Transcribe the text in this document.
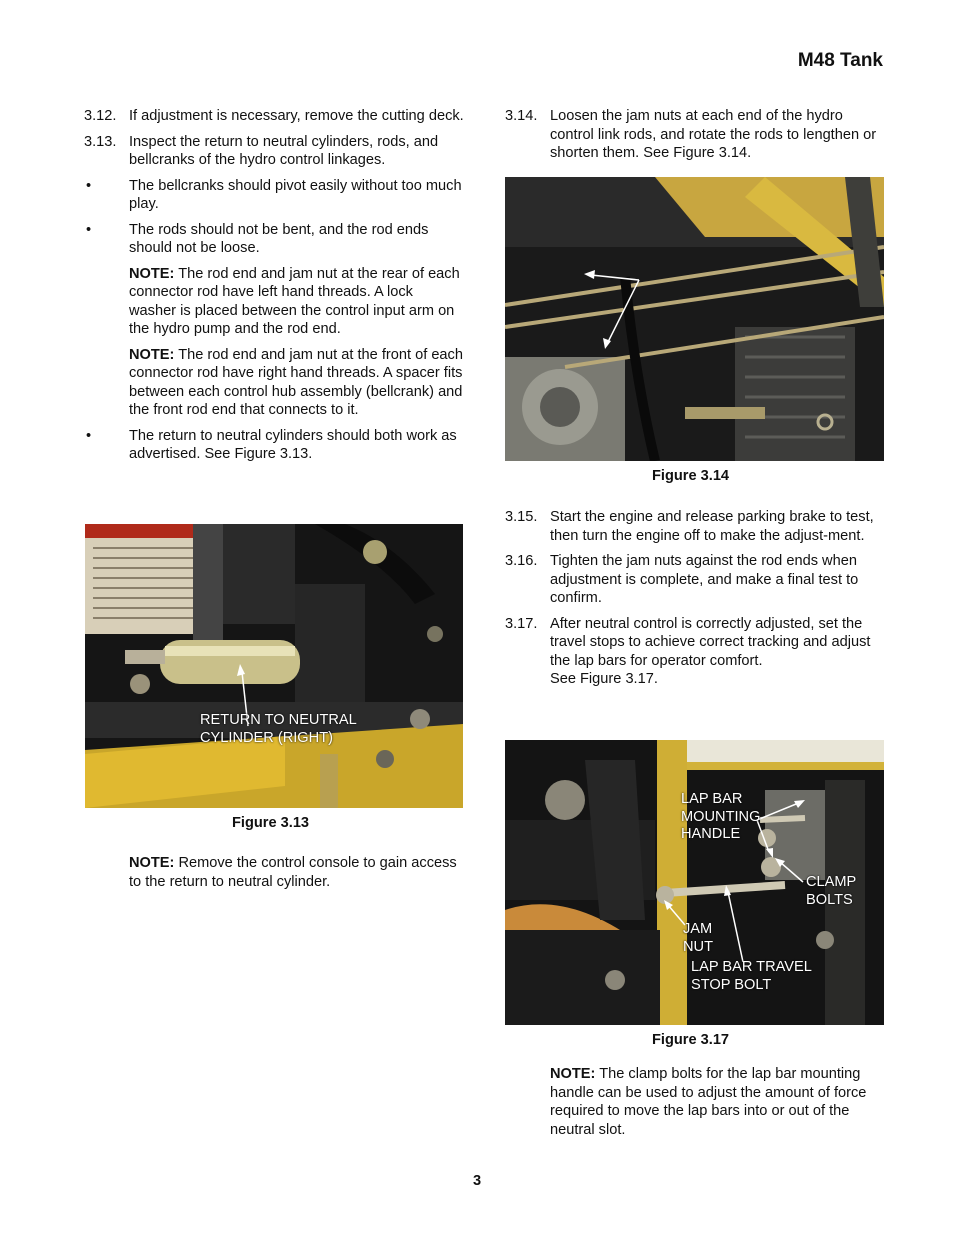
M48 Tank
3.12. If adjustment is necessary, remove the cutting deck.
3.13. Inspect the return to neutral cylinders, rods, and bellcranks of the hydro control linkages.
•	The bellcranks should pivot easily without too much play.
•	The rods should not be bent, and the rod ends should not be loose.
NOTE: The rod end and jam nut at the rear of each connector rod have left hand threads. A lock washer is placed between the control input arm on the hydro pump and the rod end.
NOTE: The rod end and jam nut at the front of each connector rod have right hand threads. A spacer fits between each control hub assembly (bellcrank) and the front rod end that connects to it.
•	The return to neutral cylinders should both work as advertised. See Figure 3.13.
RETURN TO NEUTRAL
CYLINDER (RIGHT)
Figure 3.13
NOTE: Remove the control console to gain access to the return to neutral cylinder.
3.14. Loosen the jam nuts at each end of the hydro control link rods, and rotate the rods to lengthen or shorten them. See Figure 3.14.
Figure 3.14
3.15. Start the engine and release parking brake to test, then turn the engine off to make the adjust-ment.
3.16. Tighten the jam nuts against the rod ends when adjustment is complete, and make a final test to confirm.
3.17. After neutral control is correctly adjusted, set the travel stops to achieve correct tracking and adjust the lap bars for operator comfort.
See Figure 3.17.
LAP BAR
MOUNTING
HANDLE
CLAMP
BOLTS
JAM
NUT
LAP BAR TRAVEL
STOP BOLT
Figure 3.17
NOTE: The clamp bolts for the lap bar mounting handle can be used to adjust the amount of force required to move the lap bars into or out of the neutral slot.
3
